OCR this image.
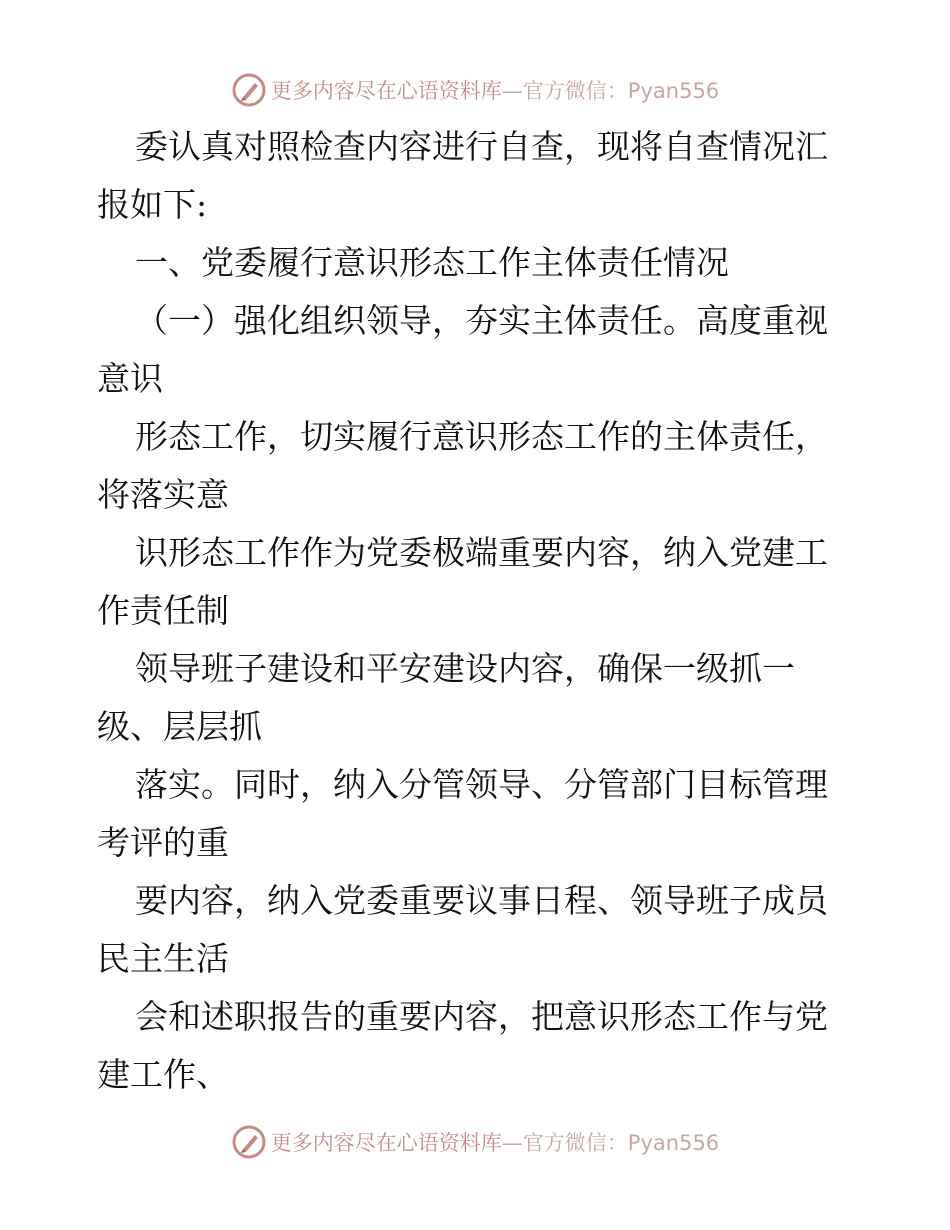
更多内容尽在心语资料库 —官方微信：Pyan556
委认真对照检查内容进行自查，现将自查情况汇
报如下:
一、党委履行意识形态工作主体责任情况
（一）强化组织领导，夯实主体责任。高度重视
意识
形态工作，切实履行意识形态工作的主体责任，
将落实意
识形态工作作为党委极端重要内容，纳入党建工
作责任制
领导班子建设和平安建设内容，确保一级抓一
级、层层抓
落实。同时，纳入分管领导、分管部门目标管理
考评的重
要内容，纳入党委重要议事日程、领导班子成员
民主生活
会和述职报告的重要内容，把意识形态工作与党
建工作、
更多内容尽在心语资料库 —官方微信：Pyan556
